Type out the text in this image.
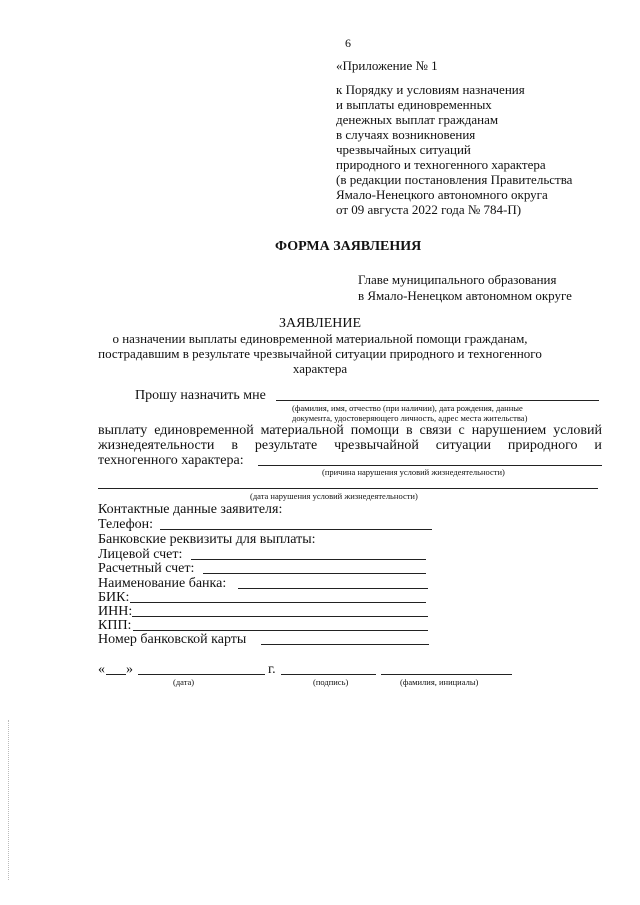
6
«Приложение № 1
к Порядку и условиям назначения
и выплаты единовременных
денежных выплат гражданам
в случаях возникновения
чрезвычайных ситуаций
природного и техногенного характера
(в редакции постановления Правительства
Ямало-Ненецкого автономного округа
от 09 августа 2022 года № 784-П)
ФОРМА ЗАЯВЛЕНИЯ
Главе муниципального образования
в Ямало-Ненецком автономном округе
ЗАЯВЛЕНИЕ
о назначении выплаты единовременной материальной помощи гражданам,
пострадавшим в результате чрезвычайной ситуации природного и техногенного
характера
Прошу назначить мне
(фамилия, имя, отчество (при наличии), дата рождения, данные
документа, удостоверяющего личность, адрес места жительства)
выплату единовременной материальной помощи в связи с нарушением условий
жизнедеятельности в результате чрезвычайной ситуации природного и
техногенного характера:
(причина нарушения условий жизнедеятельности)
(дата нарушения условий жизнедеятельности)
Контактные данные заявителя:
Телефон:
Банковские реквизиты для выплаты:
Лицевой счет:
Расчетный счет:
Наименование банка:
БИК:
ИНН:
КПП:
Номер банковской карты
« »	г.
(дата)	(подпись)	(фамилия, инициалы)
